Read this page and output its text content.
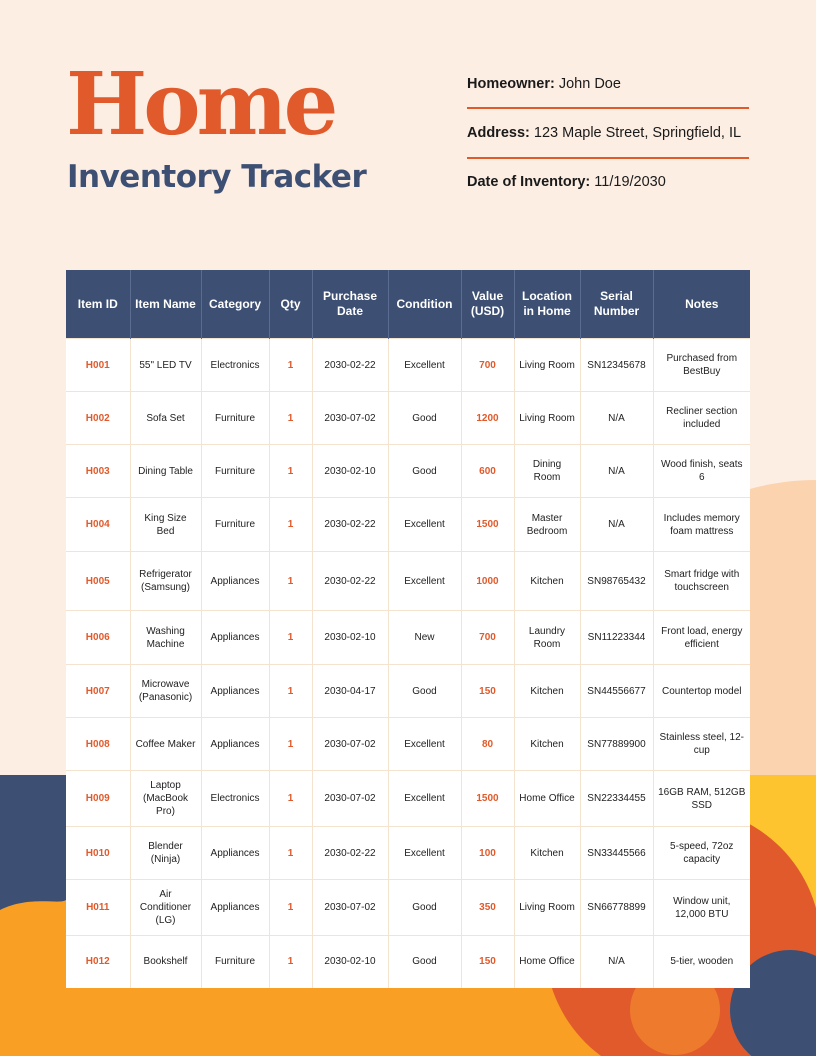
Home
Inventory Tracker
Homeowner: John Doe
Address: 123 Maple Street, Springfield, IL
Date of Inventory: 11/19/2030
Item ID	Item Name	Category	Qty	Purchase Date	Condition	Value (USD)	Location in Home	Serial Number	Notes
H001	55" LED TV	Electronics	1	2030-02-22	Excellent	700	Living Room	SN12345678	Purchased from BestBuy
H002	Sofa Set	Furniture	1	2030-07-02	Good	1200	Living Room	N/A	Recliner section included
H003	Dining Table	Furniture	1	2030-02-10	Good	600	Dining Room	N/A	Wood finish, seats 6
H004	King Size Bed	Furniture	1	2030-02-22	Excellent	1500	Master Bedroom	N/A	Includes memory foam mattress
H005	Refrigerator (Samsung)	Appliances	1	2030-02-22	Excellent	1000	Kitchen	SN98765432	Smart fridge with touchscreen
H006	Washing Machine	Appliances	1	2030-02-10	New	700	Laundry Room	SN11223344	Front load, energy efficient
H007	Microwave (Panasonic)	Appliances	1	2030-04-17	Good	150	Kitchen	SN44556677	Countertop model
H008	Coffee Maker	Appliances	1	2030-07-02	Excellent	80	Kitchen	SN77889900	Stainless steel, 12-cup
H009	Laptop (MacBook Pro)	Electronics	1	2030-07-02	Excellent	1500	Home Office	SN22334455	16GB RAM, 512GB SSD
H010	Blender (Ninja)	Appliances	1	2030-02-22	Excellent	100	Kitchen	SN33445566	5-speed, 72oz capacity
H011	Air Conditioner (LG)	Appliances	1	2030-07-02	Good	350	Living Room	SN66778899	Window unit, 12,000 BTU
H012	Bookshelf	Furniture	1	2030-02-10	Good	150	Home Office	N/A	5-tier, wooden
